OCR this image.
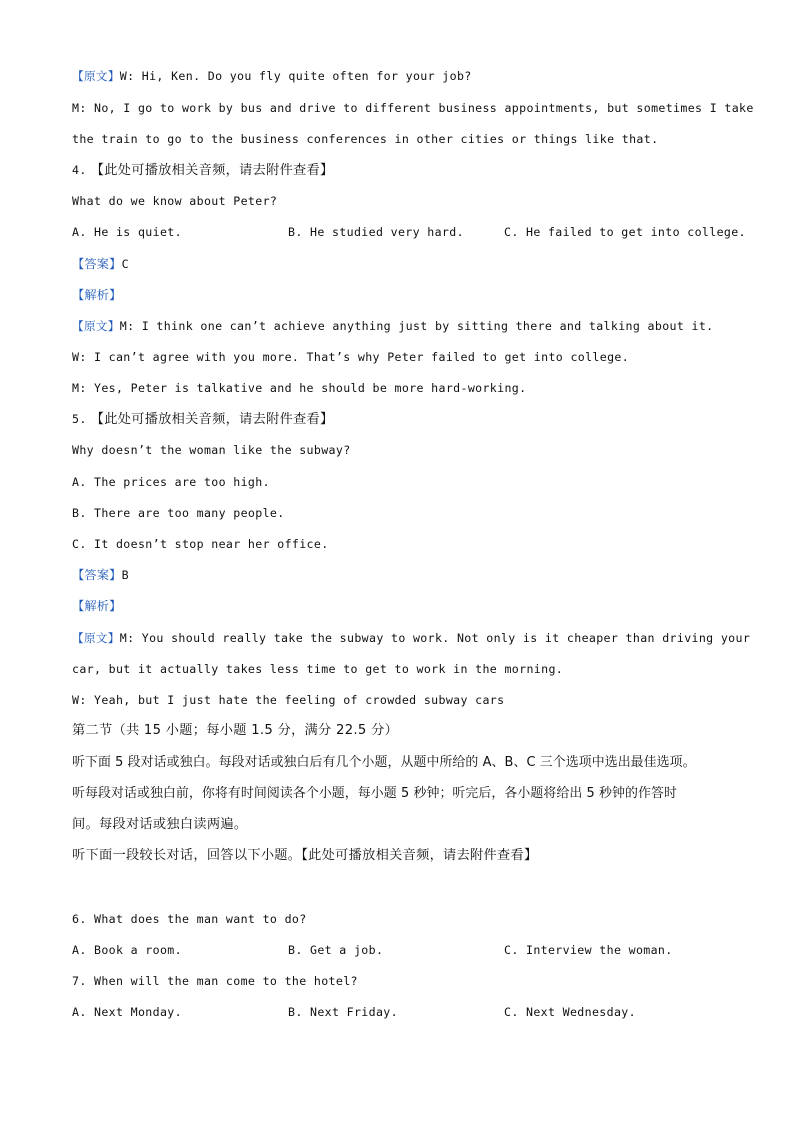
【原文】W: Hi, Ken. Do you fly quite often for your job?
M: No, I go to work by bus and drive to different business appointments, but sometimes I take
the train to go to the business conferences in other cities or things like that.
4. 【此处可播放相关音频，请去附件查看】
What do we know about Peter?
A. He is quiet.	B. He studied very hard.	C. He failed to get into college.
【答案】C
【解析】
【原文】M: I think one can’t achieve anything just by sitting there and talking about it.
W: I can’t agree with you more. That’s why Peter failed to get into college.
M: Yes, Peter is talkative and he should be more hard-working.
5. 【此处可播放相关音频，请去附件查看】
Why doesn’t the woman like the subway?
A. The prices are too high.
B. There are too many people.
C. It doesn’t stop near her office.
【答案】B
【解析】
【原文】M: You should really take the subway to work. Not only is it cheaper than driving your
car, but it actually takes less time to get to work in the morning.
W: Yeah, but I just hate the feeling of crowded subway cars
第二节（共 15 小题；每小题 1.5 分，满分 22.5 分）
听下面 5 段对话或独白。每段对话或独白后有几个小题，从题中所给的 A、B、C 三个选项中选出最佳选项。
听每段对话或独白前，你将有时间阅读各个小题，每小题 5 秒钟；听完后，各小题将给出 5 秒钟的作答时
间。每段对话或独白读两遍。
听下面一段较长对话，回答以下小题。【此处可播放相关音频，请去附件查看】
6. What does the man want to do?
A. Book a room.	B. Get a job.	C. Interview the woman.
7. When will the man come to the hotel?
A. Next Monday.	B. Next Friday.	C. Next Wednesday.
